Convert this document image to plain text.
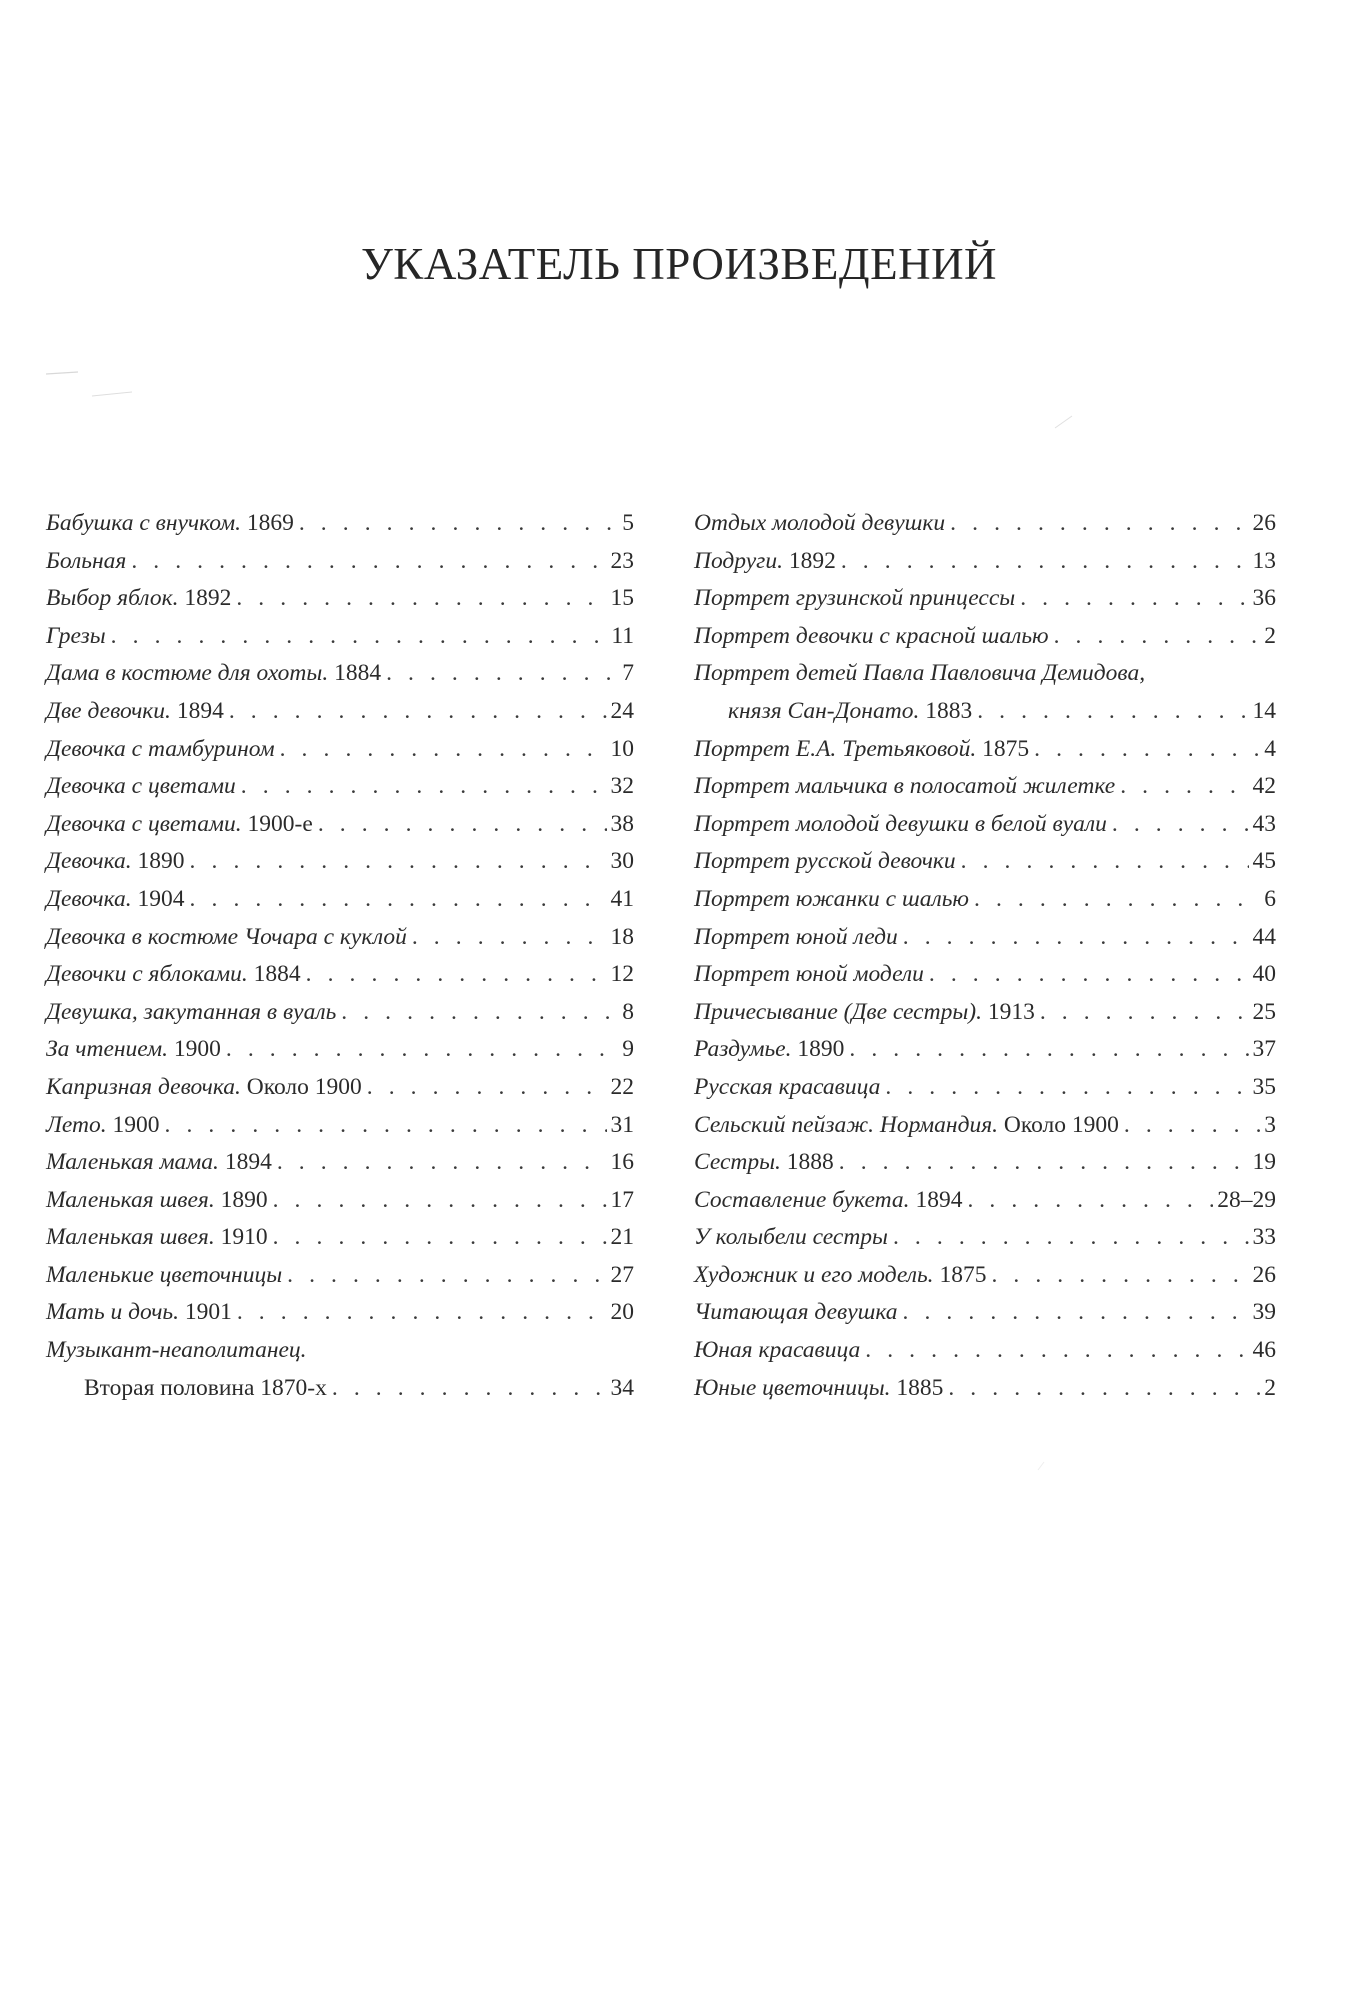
УКАЗАТЕЛЬ ПРОИЗВЕДЕНИЙ
Бабушка с внучком. 1869 . . .	5
Больная . . .	23
Выбор яблок. 1892 . . .	15
Грезы . . .	11
Дама в костюме для охоты. 1884 . . .	7
Две девочки. 1894 . . .	24
Девочка с тамбурином . . .	10
Девочка с цветами . . .	32
Девочка с цветами. 1900-е . . .	38
Девочка. 1890 . . .	30
Девочка. 1904 . . .	41
Девочка в костюме Чочара с куклой . . .	18
Девочки с яблоками. 1884 . . .	12
Девушка, закутанная в вуаль . . .	8
За чтением. 1900 . . .	9
Капризная девочка. Около 1900 . . .	22
Лето. 1900 . . .	31
Маленькая мама. 1894 . . .	16
Маленькая швея. 1890 . . .	17
Маленькая швея. 1910 . . .	21
Маленькие цветочницы . . .	27
Мать и дочь. 1901 . . .	20
Музыкант-неаполитанец.
Вторая половина 1870-х . . .	34
Отдых молодой девушки . . .	26
Подруги. 1892 . . .	13
Портрет грузинской принцессы . . .	36
Портрет девочки с красной шалью . . .	2
Портрет детей Павла Павловича Демидова,
князя Сан-Донато. 1883 . . .	14
Портрет Е.А. Третьяковой. 1875 . . .	4
Портрет мальчика в полосатой жилетке . . .	42
Портрет молодой девушки в белой вуали . . .	43
Портрет русской девочки . . .	45
Портрет южанки с шалью . . .	6
Портрет юной леди . . .	44
Портрет юной модели . . .	40
Причесывание (Две сестры). 1913 . . .	25
Раздумье. 1890 . . .	37
Русская красавица . . .	35
Сельский пейзаж. Нормандия. Около 1900 . . .	3
Сестры. 1888 . . .	19
Составление букета. 1894 . . .	28–29
У колыбели сестры . . .	33
Художник и его модель. 1875 . . .	26
Читающая девушка . . .	39
Юная красавица . . .	46
Юные цветочницы. 1885 . . .	2
